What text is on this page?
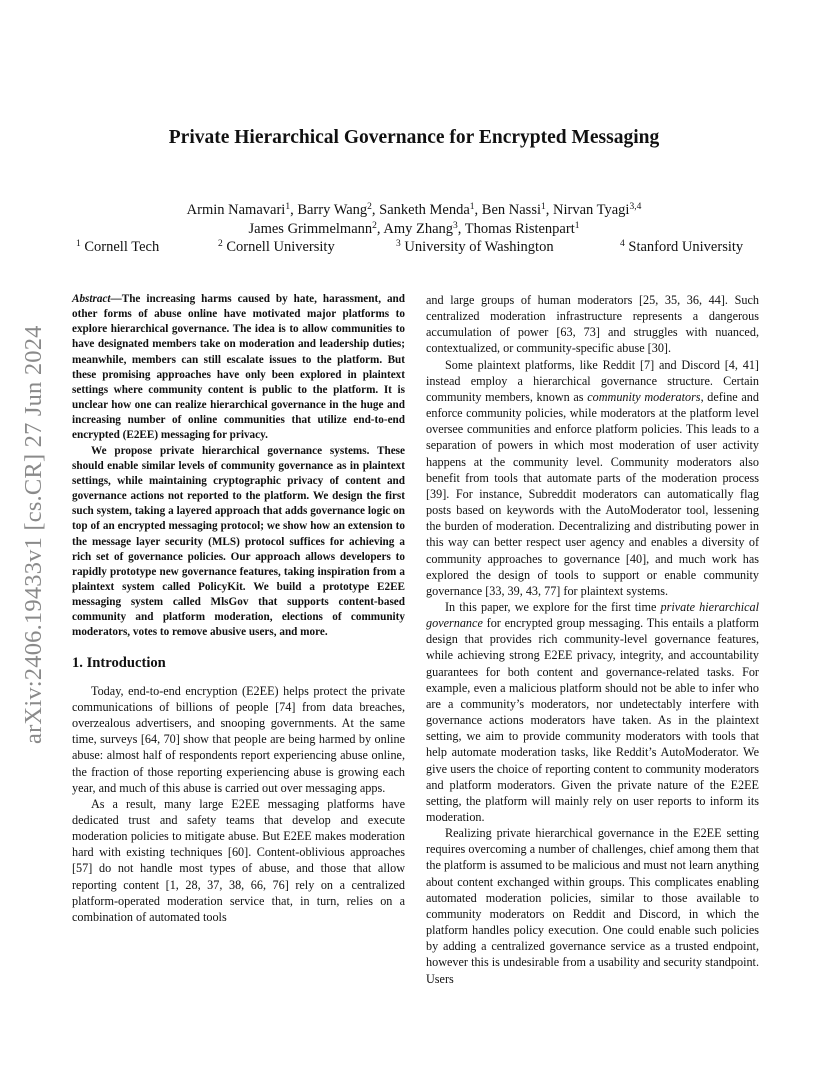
arXiv:2406.19433v1 [cs.CR] 27 Jun 2024
Private Hierarchical Governance for Encrypted Messaging
Armin Namavari$^1$, Barry Wang$^2$, Sanketh Menda$^1$, Ben Nassi$^1$, Nirvan Tyagi$^{3,4}$
James Grimmelmann$^2$, Amy Zhang$^3$, Thomas Ristenpart$^1$
$^1$ Cornell Tech	$^2$ Cornell University	$^3$ University of Washington	$^4$ Stanford University

Abstract—The increasing harms caused by hate, harassment, and other forms of abuse online have motivated major platforms to explore hierarchical governance. The idea is to allow communities to have designated members take on moderation and leadership duties; meanwhile, members can still escalate issues to the platform. But these promising approaches have only been explored in plaintext settings where community content is public to the platform. It is unclear how one can realize hierarchical governance in the huge and increasing number of online communities that utilize end-to-end encrypted (E2EE) messaging for privacy.

We propose private hierarchical governance systems. These should enable similar levels of community governance as in plaintext settings, while maintaining cryptographic privacy of content and governance actions not reported to the platform. We design the first such system, taking a layered approach that adds governance logic on top of an encrypted messaging protocol; we show how an extension to the message layer security (MLS) protocol suffices for achieving a rich set of governance policies. Our approach allows developers to rapidly prototype new governance features, taking inspiration from a plaintext system called PolicyKit. We build a prototype E2EE messaging system called MlsGov that supports content-based community and platform moderation, elections of community moderators, votes to remove abusive users, and more.

1. Introduction

Today, end-to-end encryption (E2EE) helps protect the private communications of billions of people [74] from data breaches, overzealous advertisers, and snooping governments. At the same time, surveys [64, 70] show that people are being harmed by online abuse: almost half of respondents report experiencing abuse online, the fraction of those reporting experiencing abuse is growing each year, and much of this abuse is carried out over messaging apps.

As a result, many large E2EE messaging platforms have dedicated trust and safety teams that develop and execute moderation policies to mitigate abuse. But E2EE makes moderation hard with existing techniques [60]. Content-oblivious approaches [57] do not handle most types of abuse, and those that allow reporting content [1, 28, 37, 38, 66, 76] rely on a centralized platform-operated moderation service that, in turn, relies on a combination of automated tools

and large groups of human moderators [25, 35, 36, 44]. Such centralized moderation infrastructure represents a dangerous accumulation of power [63, 73] and struggles with nuanced, contextualized, or community-specific abuse [30].

Some plaintext platforms, like Reddit [7] and Discord [4, 41] instead employ a hierarchical governance structure. Certain community members, known as community moderators, define and enforce community policies, while moderators at the platform level oversee communities and enforce platform policies. This leads to a separation of powers in which most moderation of user activity happens at the community level. Community moderators also benefit from tools that automate parts of the moderation process [39]. For instance, Subreddit moderators can automatically flag posts based on keywords with the AutoModerator tool, lessening the burden of moderation. Decentralizing and distributing power in this way can better respect user agency and enables a diversity of community approaches to governance [40], and much work has explored the design of tools to support or enable community governance [33, 39, 43, 77] for plaintext systems.

In this paper, we explore for the first time private hierarchical governance for encrypted group messaging. This entails a platform design that provides rich community-level governance features, while achieving strong E2EE privacy, integrity, and accountability guarantees for both content and governance-related tasks. For example, even a malicious platform should not be able to infer who are a community’s moderators, nor undetectably interfere with governance actions moderators have taken. As in the plaintext setting, we aim to provide community moderators with tools that help automate moderation tasks, like Reddit’s AutoModerator. We give users the choice of reporting content to community moderators and platform moderators. Given the private nature of the E2EE setting, the platform will mainly rely on user reports to inform its moderation.

Realizing private hierarchical governance in the E2EE setting requires overcoming a number of challenges, chief among them that the platform is assumed to be malicious and must not learn anything about content exchanged within groups. This complicates enabling automated moderation policies, similar to those available to community moderators on Reddit and Discord, in which the platform handles policy execution. One could enable such policies by adding a centralized governance service as a trusted endpoint, however this is undesirable from a usability and security standpoint. Users
